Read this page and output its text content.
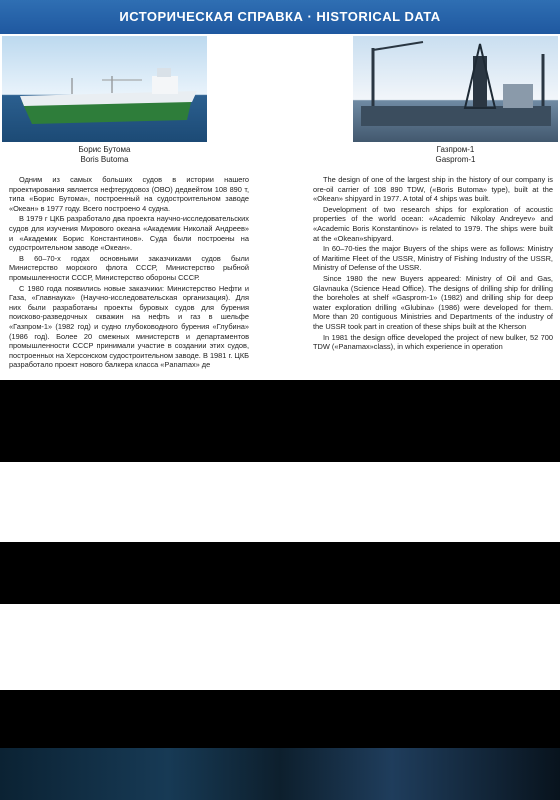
ИСТОРИЧЕСКАЯ СПРАВКА · HISTORICAL DATA
Борис Бутома
Boris Butoma
Газпром-1
Gasprom-1

Одним из самых больших судов в истории нашего проектирования является нефтерудовоз (ОВО) дедвейтом 108 890 т, типа «Борис Бутома», построенный на судостроительном заводе «Океан» в 1977 году. Всего построено 4 судна.

В 1979 г ЦКБ разработало два проекта научно-исследовательских судов для изучения Мирового океана «Академик Николай Андреев» и «Академик Борис Константинов». Суда были построены на судостроительном заводе «Океан».

В 60–70-х годах основными заказчиками судов были Министерство морского флота СССР, Министерство рыбной промышленности СССР, Министерство обороны СССР.

С 1980 года появились новые заказчики: Министерство Нефти и Газа, «Главнаука» (Научно-исследовательская организация). Для них были разработаны проекты буровых судов для бурения поисково-разведочных скважин на нефть и газ в шельфе «Газпром-1» (1982 год) и судно глубоководного бурения «Глубина» (1986 год). Более 20 смежных министерств и департаментов промышленности СССР принимали участие в создании этих судов, построенных на Херсонском судостроительном заводе. В 1981 г. ЦКБ разработало проект нового балкера класса «Panamax» де

The design of one of the largest ship in the history of our company is ore-oil carrier of 108 890 TDW, («Boris Butoma» type), built at the «Okean» shipyard in 1977. A total of 4 ships was built.

Development of two research ships for exploration of acoustic properties of the world ocean: «Academic Nikolay Andreyev» and «Academic Boris Konstantinov» is related to 1979. The ships were built at the «Okean»shipyard.

In 60–70-ties the major Buyers of the ships were as follows: Ministry of Maritime Fleet of the USSR, Ministry of Fishing Industry of the USSR, Ministry of Defense of the USSR.

Since 1980 the new Buyers appeared: Ministry of Oil and Gas, Glavnauka (Science Head Office). The designs of drilling ship for drilling the boreholes at shelf «Gasprom-1» (1982) and drilling ship for deep water exploration drilling «Glubina» (1986) were developed for them. More than 20 contiguous Ministries and Departments of the industry of the USSR took part in creation of these ships built at the Kherson

In 1981 the design office developed the project of new bulker, 52 700 TDW («Panamax»class), in which experience in operation
